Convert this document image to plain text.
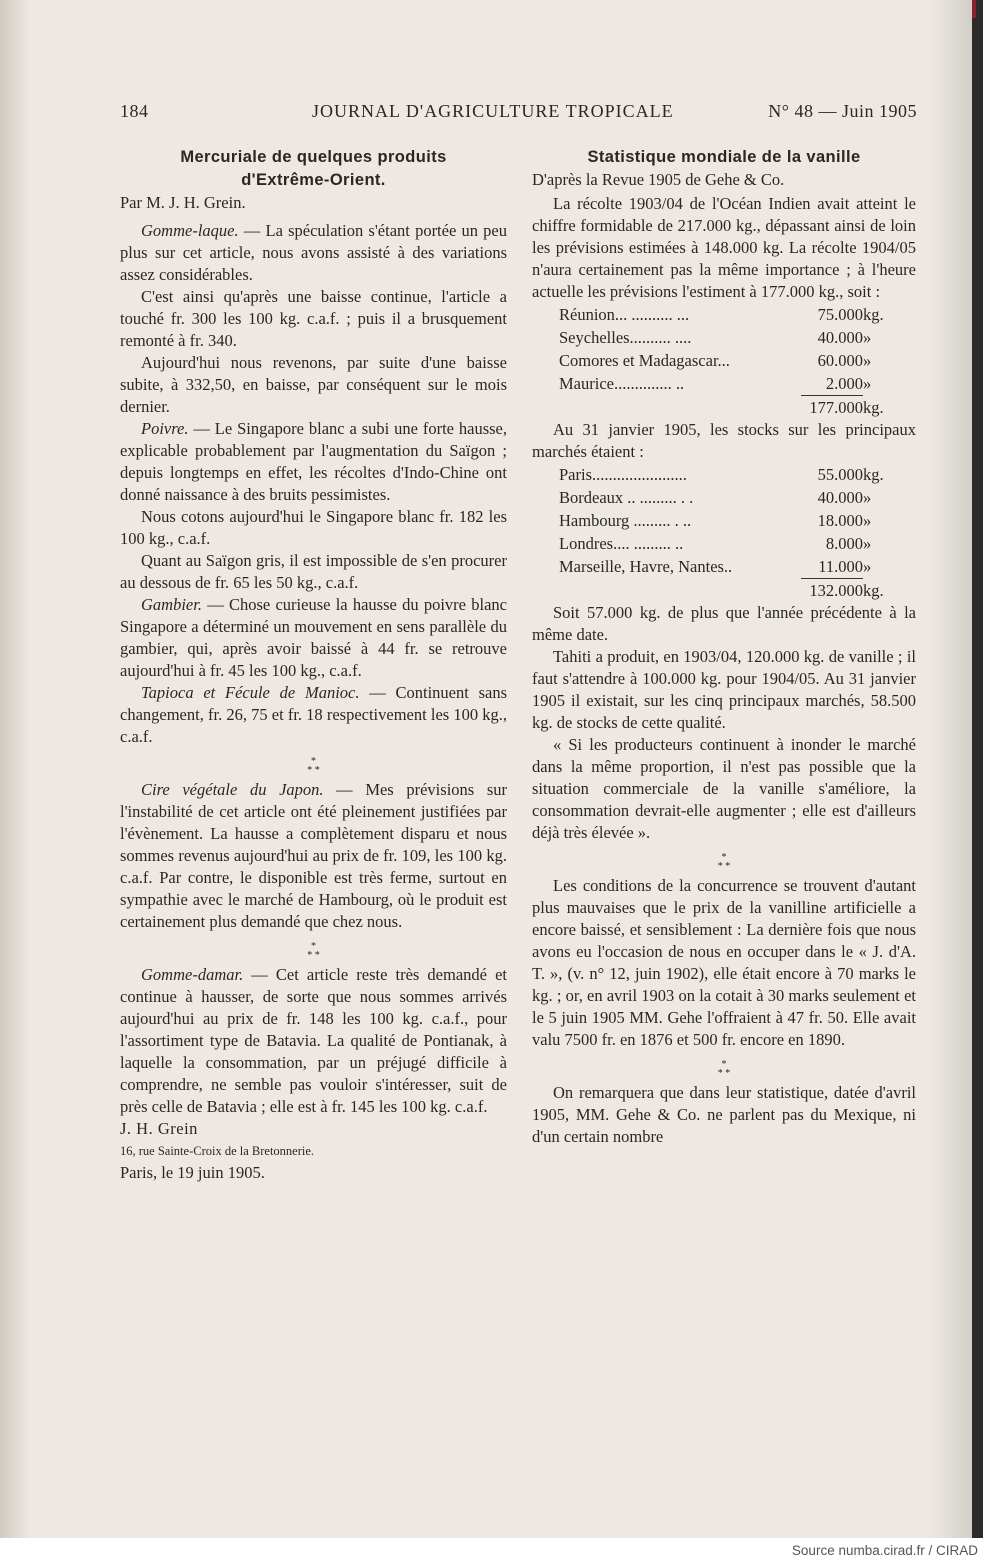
184	JOURNAL D'AGRICULTURE TROPICALE	N° 48 — Juin 1905
Mercuriale de quelques produits
d'Extrême-Orient.

Par M. J. H. Grein.

Gomme-laque. — La spéculation s'étant portée un peu plus sur cet article, nous avons assisté à des variations assez considérables.

C'est ainsi qu'après une baisse continue, l'article a touché fr. 300 les 100 kg. c.a.f. ; puis il a brusquement remonté à fr. 340.

Aujourd'hui nous revenons, par suite d'une baisse subite, à 332,50, en baisse, par conséquent sur le mois dernier.

Poivre. — Le Singapore blanc a subi une forte hausse, explicable probablement par l'augmentation du Saïgon ; depuis longtemps en effet, les récoltes d'Indo-Chine ont donné naissance à des bruits pessimistes.

Nous cotons aujourd'hui le Singapore blanc fr. 182 les 100 kg., c.a.f.

Quant au Saïgon gris, il est impossible de s'en procurer au dessous de fr. 65 les 50 kg., c.a.f.

Gambier. — Chose curieuse la hausse du poivre blanc Singapore a déterminé un mouvement en sens parallèle du gambier, qui, après avoir baissé à 44 fr. se retrouve aujourd'hui à fr. 45 les 100 kg., c.a.f.

Tapioca et Fécule de Manioc. — Continuent sans changement, fr. 26, 75 et fr. 18 respectivement les 100 kg., c.a.f.

*
* *

Cire végétale du Japon. — Mes prévisions sur l'instabilité de cet article ont été pleinement justifiées par l'évènement. La hausse a complètement disparu et nous sommes revenus aujourd'hui au prix de fr. 109, les 100 kg. c.a.f. Par contre, le disponible est très ferme, surtout en sympathie avec le marché de Hambourg, où le produit est certainement plus demandé que chez nous.

*
* *

Gomme-damar. — Cet article reste très demandé et continue à hausser, de sorte que nous sommes arrivés aujourd'hui au prix de fr. 148 les 100 kg. c.a.f., pour l'assortiment type de Batavia. La qualité de Pontianak, à laquelle la consommation, par un préjugé difficile à comprendre, ne semble pas vouloir s'intéresser, suit de près celle de Batavia ; elle est à fr. 145 les 100 kg. c.a.f.

J. H. Grein

16, rue Sainte-Croix de la Bretonnerie.

Paris, le 19 juin 1905.

Statistique mondiale de la vanille

D'après la Revue 1905 de Gehe & Co.

La récolte 1903/04 de l'Océan Indien avait atteint le chiffre formidable de 217.000 kg., dépassant ainsi de loin les prévisions estimées à 148.000 kg. La récolte 1904/05 n'aura certainement pas la même importance ; à l'heure actuelle les prévisions l'estiment à 177.000 kg., soit :

Réunion... .......... ...	75.000	kg.
Seychelles.......... ....	40.000	»
Comores et Madagascar...	60.000	»
Maurice.............. ..	2.000	»
	177.000	kg.

Au 31 janvier 1905, les stocks sur les principaux marchés étaient :

Paris.......................	55.000	kg.
Bordeaux .. ......... . .	40.000	»
Hambourg ......... . ..	18.000	»
Londres.... ......... ..	8.000	»
Marseille, Havre, Nantes..	11.000	»
	132.000	kg.

Soit 57.000 kg. de plus que l'année précédente à la même date.

Tahiti a produit, en 1903/04, 120.000 kg. de vanille ; il faut s'attendre à 100.000 kg. pour 1904/05. Au 31 janvier 1905 il existait, sur les cinq principaux marchés, 58.500 kg. de stocks de cette qualité.

« Si les producteurs continuent à inonder le marché dans la même proportion, il n'est pas possible que la situation commerciale de la vanille s'améliore, la consommation devrait-elle augmenter ; elle est d'ailleurs déjà très élevée ».

*
* *

Les conditions de la concurrence se trouvent d'autant plus mauvaises que le prix de la vanilline artificielle a encore baissé, et sensiblement : La dernière fois que nous avons eu l'occasion de nous en occuper dans le « J. d'A. T. », (v. n° 12, juin 1902), elle était encore à 70 marks le kg. ; or, en avril 1903 on la cotait à 30 marks seulement et le 5 juin 1905 MM. Gehe l'offraient à 47 fr. 50. Elle avait valu 7500 fr. en 1876 et 500 fr. encore en 1890.

*
* *

On remarquera que dans leur statistique, datée d'avril 1905, MM. Gehe & Co. ne parlent pas du Mexique, ni d'un certain nombre

Source numba.cirad.fr / CIRAD
